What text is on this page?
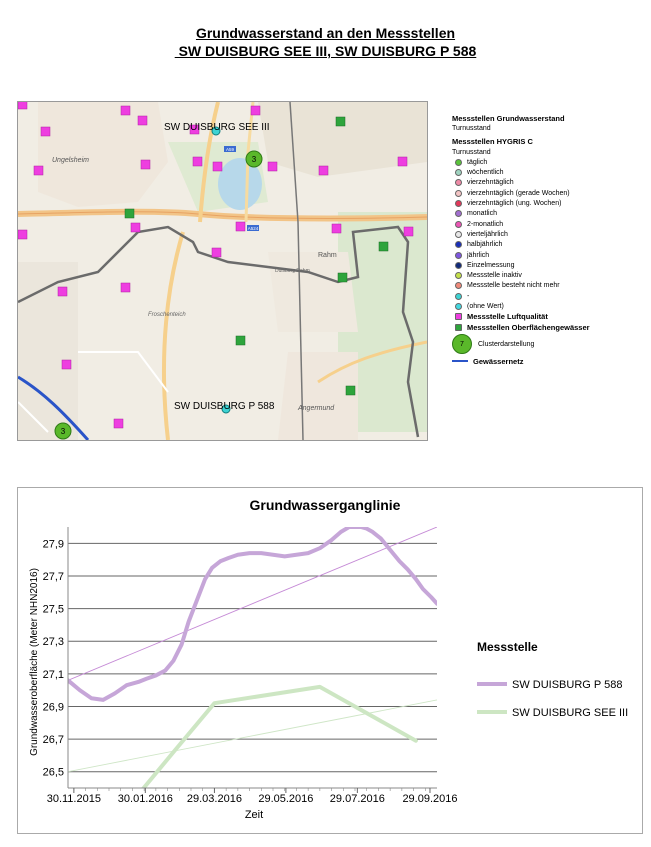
Grundwasserstand an den Messstellen
SW DUISBURG SEE III, SW DUISBURG P 588
3
3
SW DUISBURG SEE III
SW DUISBURG P 588
Ungelsheim
Rahm
Angermund
Froschenteich
Duisburg Rahm
A59
A524
Messstellen Grundwasserstand
Turnusstand
Messstellen HYGRIS C
Turnusstand
täglich
wöchentlich
vierzehntäglich
vierzehntäglich (gerade Wochen)
vierzehntäglich (ung. Wochen)
monatlich
2-monatlich
vierteljährlich
halbjährlich
jährlich
Einzelmessung
Messstelle inaktiv
Messstelle besteht nicht mehr
-
(ohne Wert)
Messstelle Luftqualität
Messstellen Oberflächengewässer
7	Clusterdarstellung
Gewässernetz
26,5
26,7
26,9
27,1
27,3
27,5
27,7
27,9
30.11.2015 30.01.2016 29.03.2016 29.05.2016 29.07.2016 29.09.2016
Grundwasserganglinie
Zeit
Grundwasseroberfläche (Meter NHN2016)	Messstelle
SW DUISBURG P 588
SW DUISBURG SEE III
